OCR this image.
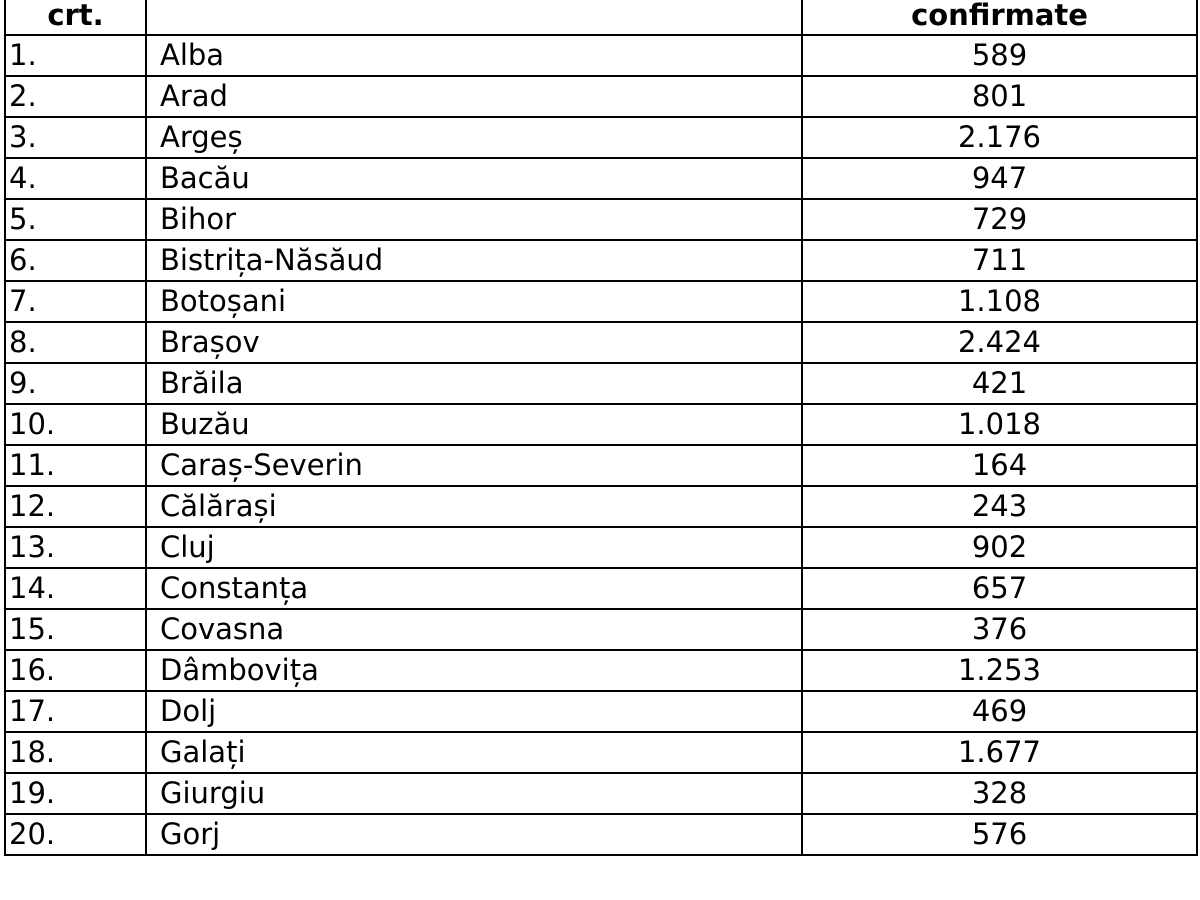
crt.		confirmate
1.	Alba	589
2.	Arad	801
3.	Argeș	2.176
4.	Bacău	947
5.	Bihor	729
6.	Bistrița-Năsăud	711
7.	Botoșani	1.108
8.	Brașov	2.424
9.	Brăila	421
10.	Buzău	1.018
11.	Caraș-Severin	164
12.	Călărași	243
13.	Cluj	902
14.	Constanța	657
15.	Covasna	376
16.	Dâmbovița	1.253
17.	Dolj	469
18.	Galați	1.677
19.	Giurgiu	328
20.	Gorj	576
